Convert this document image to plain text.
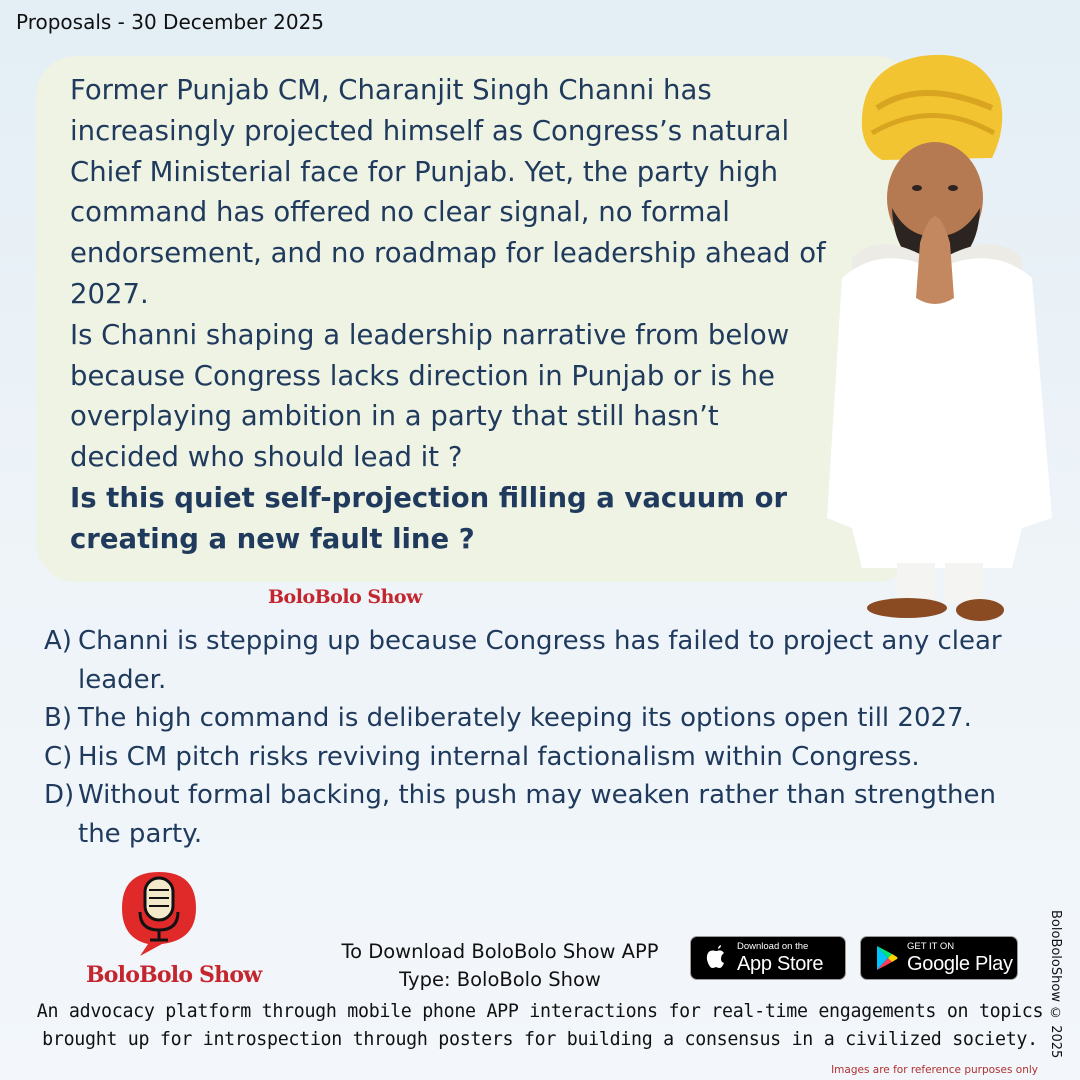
Proposals - 30 December 2025

Former Punjab CM, Charanjit Singh Channi has increasingly projected himself as Congress’s natural Chief Ministerial face for Punjab. Yet, the party high command has offered no clear signal, no formal endorsement, and no roadmap for leadership ahead of 2027.

Is Channi shaping a leadership narrative from below because Congress lacks direction in Punjab or is he overplaying ambition in a party that still hasn’t decided who should lead it ?

Is this quiet self-projection filling a vacuum or creating a new fault line ?

BoloBolo Show
A) Channi is stepping up because Congress has failed to project any clear leader.
B) The high command is deliberately keeping its options open till 2027.
C) His CM pitch risks reviving internal factionalism within Congress.
D) Without formal backing, this push may weaken rather than strengthen the party.
BoloBolo Show
To Download BoloBolo Show APP
Type: BoloBolo Show
Download on the
App Store
GET IT ON
Google Play
An advocacy platform through mobile phone APP interactions for real-time engagements on topics brought up for introspection through posters for building a consensus in a civilized society. BoloBoloShow © 2025
Images are for reference purposes only
